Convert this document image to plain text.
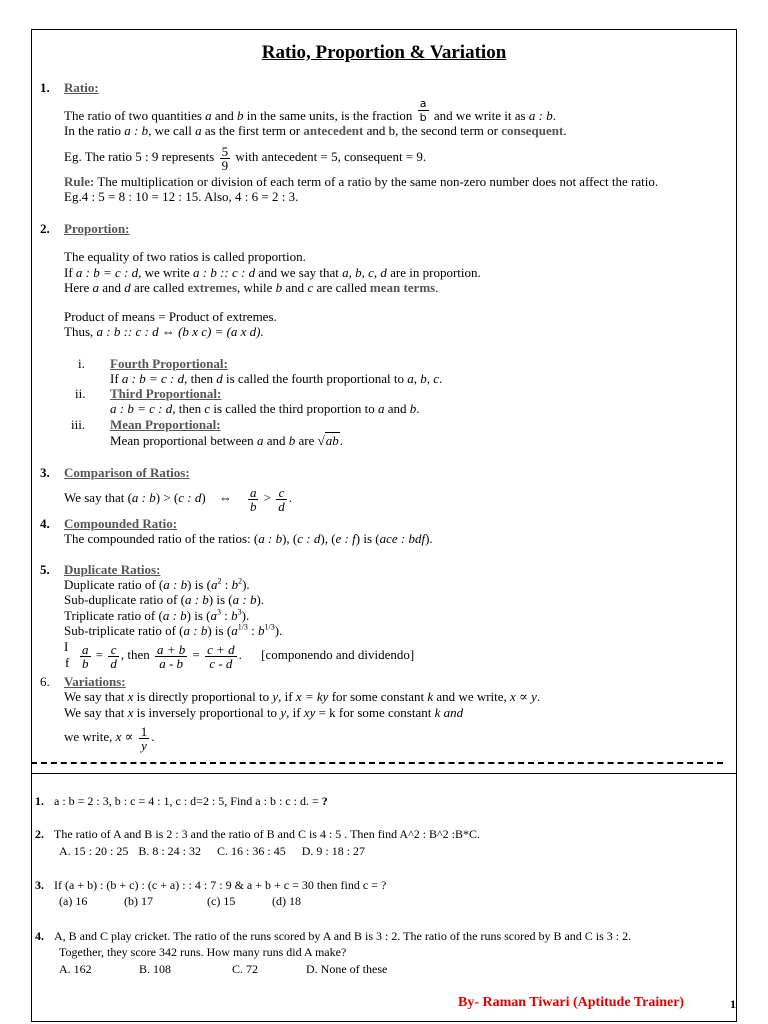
Ratio, Proportion & Variation
1. Ratio:
The ratio of two quantities a and b in the same units, is the fraction $\frac{a}{b}$ and we write it as a : b.
In the ratio a : b, we call a as the first term or antecedent and b, the second term or consequent.
Eg. The ratio 5 : 9 represents $\frac{5}{9}$ with antecedent = 5, consequent = 9.
Rule: The multiplication or division of each term of a ratio by the same non-zero number does not affect the ratio.
Eg.4 : 5 = 8 : 10 = 12 : 15. Also, 4 : 6 = 2 : 3.
2. Proportion:
The equality of two ratios is called proportion.
If a : b = c : d, we write a : b :: c : d and we say that a, b, c, d are in proportion.
Here a and d are called extremes, while b and c are called mean terms.
Product of means = Product of extremes.
Thus, a : b :: c : d ⇔ (b x c) = (a x d).
i. Fourth Proportional:
If a : b = c : d, then d is called the fourth proportional to a, b, c.
ii. Third Proportional:
a : b = c : d, then c is called the third proportion to a and b.
iii. Mean Proportional:
Mean proportional between a and b are √ab.
3. Comparison of Ratios:
We say that (a : b) > (c : d) ⇔ $\frac{a}{b} > \frac{c}{d}$ .
4. Compounded Ratio:
The compounded ratio of the ratios: (a : b), (c : d), (e : f) is (ace : bdf).
5. Duplicate Ratios:
Duplicate ratio of (a : b) is ($a^2$ : $b^2$).
Sub-duplicate ratio of (a : b) is (a : b).
Triplicate ratio of (a : b) is ($a^3$ : $b^3$).
Sub-triplicate ratio of (a : b) is ($a^{1/3}$ : $b^{1/3}$).
I
f $\frac{a}{b} = \frac{c}{d}$ , then $\frac{a + b}{a - b} = \frac{c + d}{c - d}$ . [componendo and dividendo]
6. Variations:
We say that x is directly proportional to y, if x = ky for some constant k and we write, x ∝ y.
We say that x is inversely proportional to y, if xy = k for some constant k and
we write, $x \propto \frac{1}{y}$ .
1. a : b = 2 : 3, b : c = 4 : 1, c : d=2 : 5, Find a : b : c : d. = ?
2. The ratio of A and B is 2 : 3 and the ratio of B and C is 4 : 5 . Then find A^2 : B^2 :B*C.
A. 15 : 20 : 25 B. 8 : 24 : 32 C. 16 : 36 : 45 D. 9 : 18 : 27
3. If (a + b) : (b + c) : (c + a) : : 4 : 7 : 9 & a + b + c = 30 then find c = ?
(a) 16	(b) 17	(c) 15	(d) 18
4. A, B and C play cricket. The ratio of the runs scored by A and B is 3 : 2. The ratio of the runs scored by B and C is 3 : 2.
Together, they score 342 runs. How many runs did A make?
A. 162	B. 108	C. 72	D. None of these
By- Raman Tiwari (Aptitude Trainer)	1
